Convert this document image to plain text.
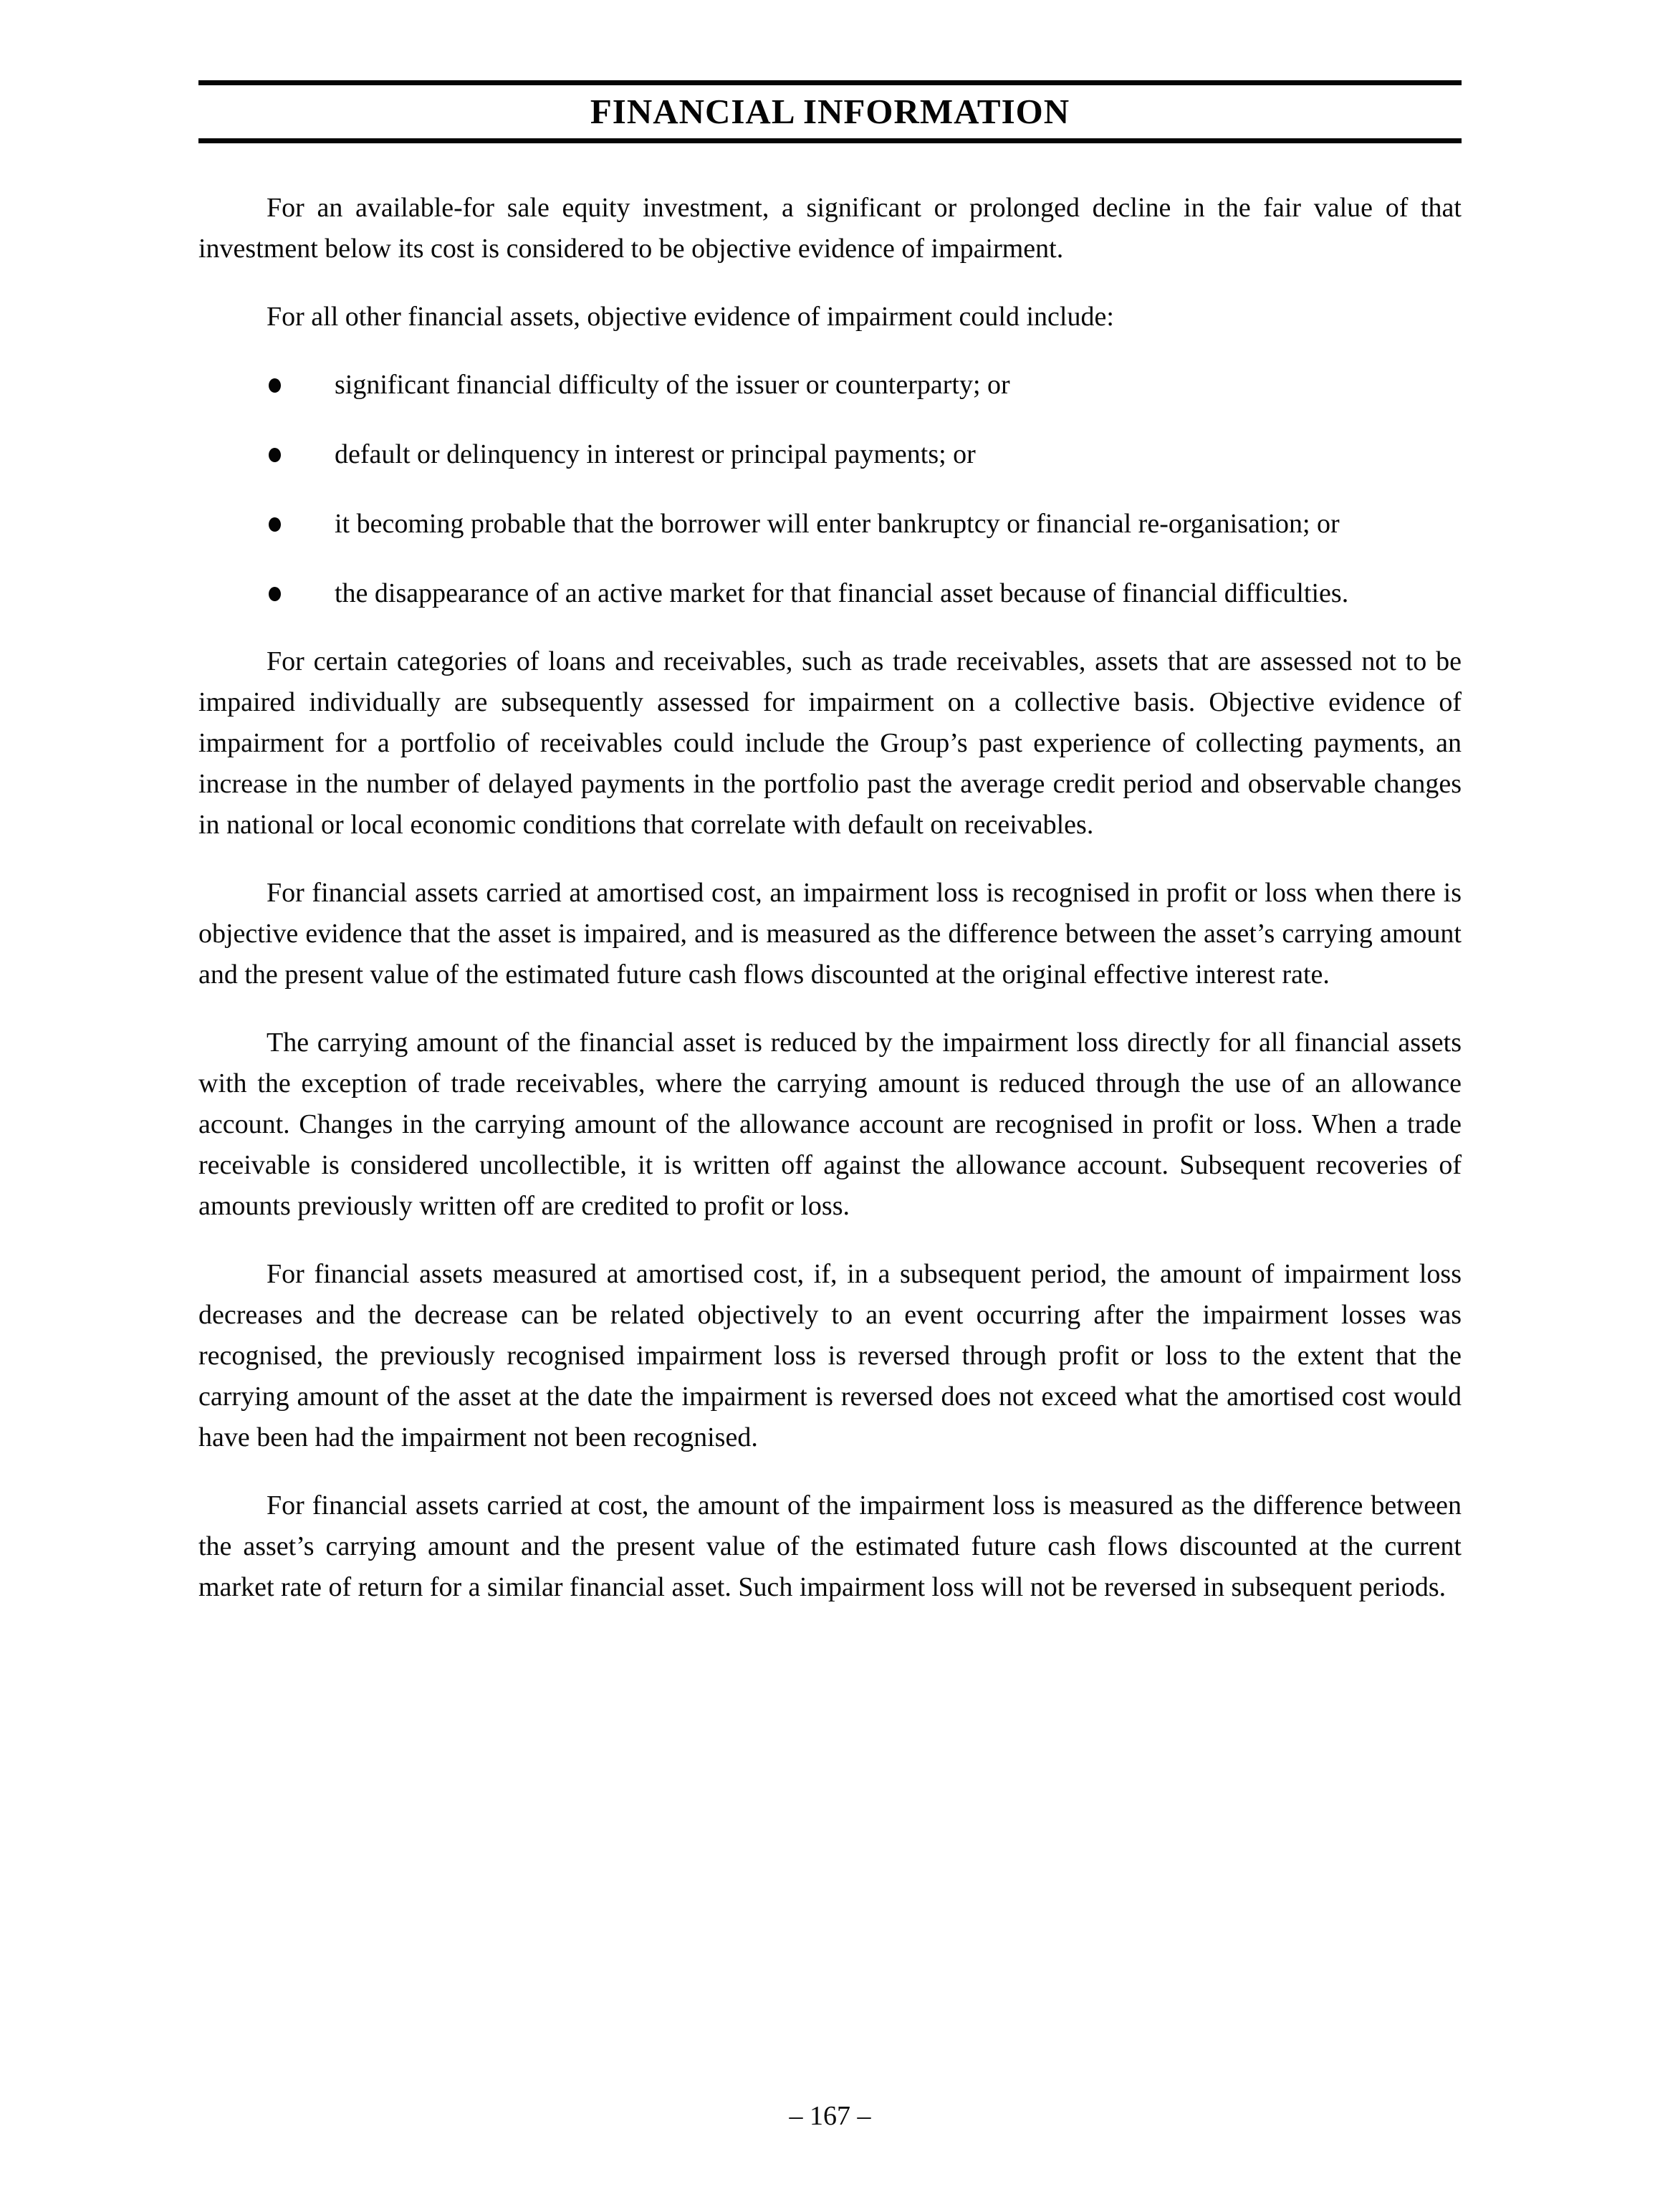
FINANCIAL INFORMATION

For an available-for sale equity investment, a significant or prolonged decline in the fair value of that investment below its cost is considered to be objective evidence of impairment.

For all other financial assets, objective evidence of impairment could include:

significant financial difficulty of the issuer or counterparty; or
default or delinquency in interest or principal payments; or
it becoming probable that the borrower will enter bankruptcy or financial re-organisation; or
the disappearance of an active market for that financial asset because of financial difficulties.

For certain categories of loans and receivables, such as trade receivables, assets that are assessed not to be impaired individually are subsequently assessed for impairment on a collective basis. Objective evidence of impairment for a portfolio of receivables could include the Group’s past experience of collecting payments, an increase in the number of delayed payments in the portfolio past the average credit period and observable changes in national or local economic conditions that correlate with default on receivables.

For financial assets carried at amortised cost, an impairment loss is recognised in profit or loss when there is objective evidence that the asset is impaired, and is measured as the difference between the asset’s carrying amount and the present value of the estimated future cash flows discounted at the original effective interest rate.

The carrying amount of the financial asset is reduced by the impairment loss directly for all financial assets with the exception of trade receivables, where the carrying amount is reduced through the use of an allowance account. Changes in the carrying amount of the allowance account are recognised in profit or loss. When a trade receivable is considered uncollectible, it is written off against the allowance account. Subsequent recoveries of amounts previously written off are credited to profit or loss.

For financial assets measured at amortised cost, if, in a subsequent period, the amount of impairment loss decreases and the decrease can be related objectively to an event occurring after the impairment losses was recognised, the previously recognised impairment loss is reversed through profit or loss to the extent that the carrying amount of the asset at the date the impairment is reversed does not exceed what the amortised cost would have been had the impairment not been recognised.

For financial assets carried at cost, the amount of the impairment loss is measured as the difference between the asset’s carrying amount and the present value of the estimated future cash flows discounted at the current market rate of return for a similar financial asset. Such impairment loss will not be reversed in subsequent periods.

– 167 –
